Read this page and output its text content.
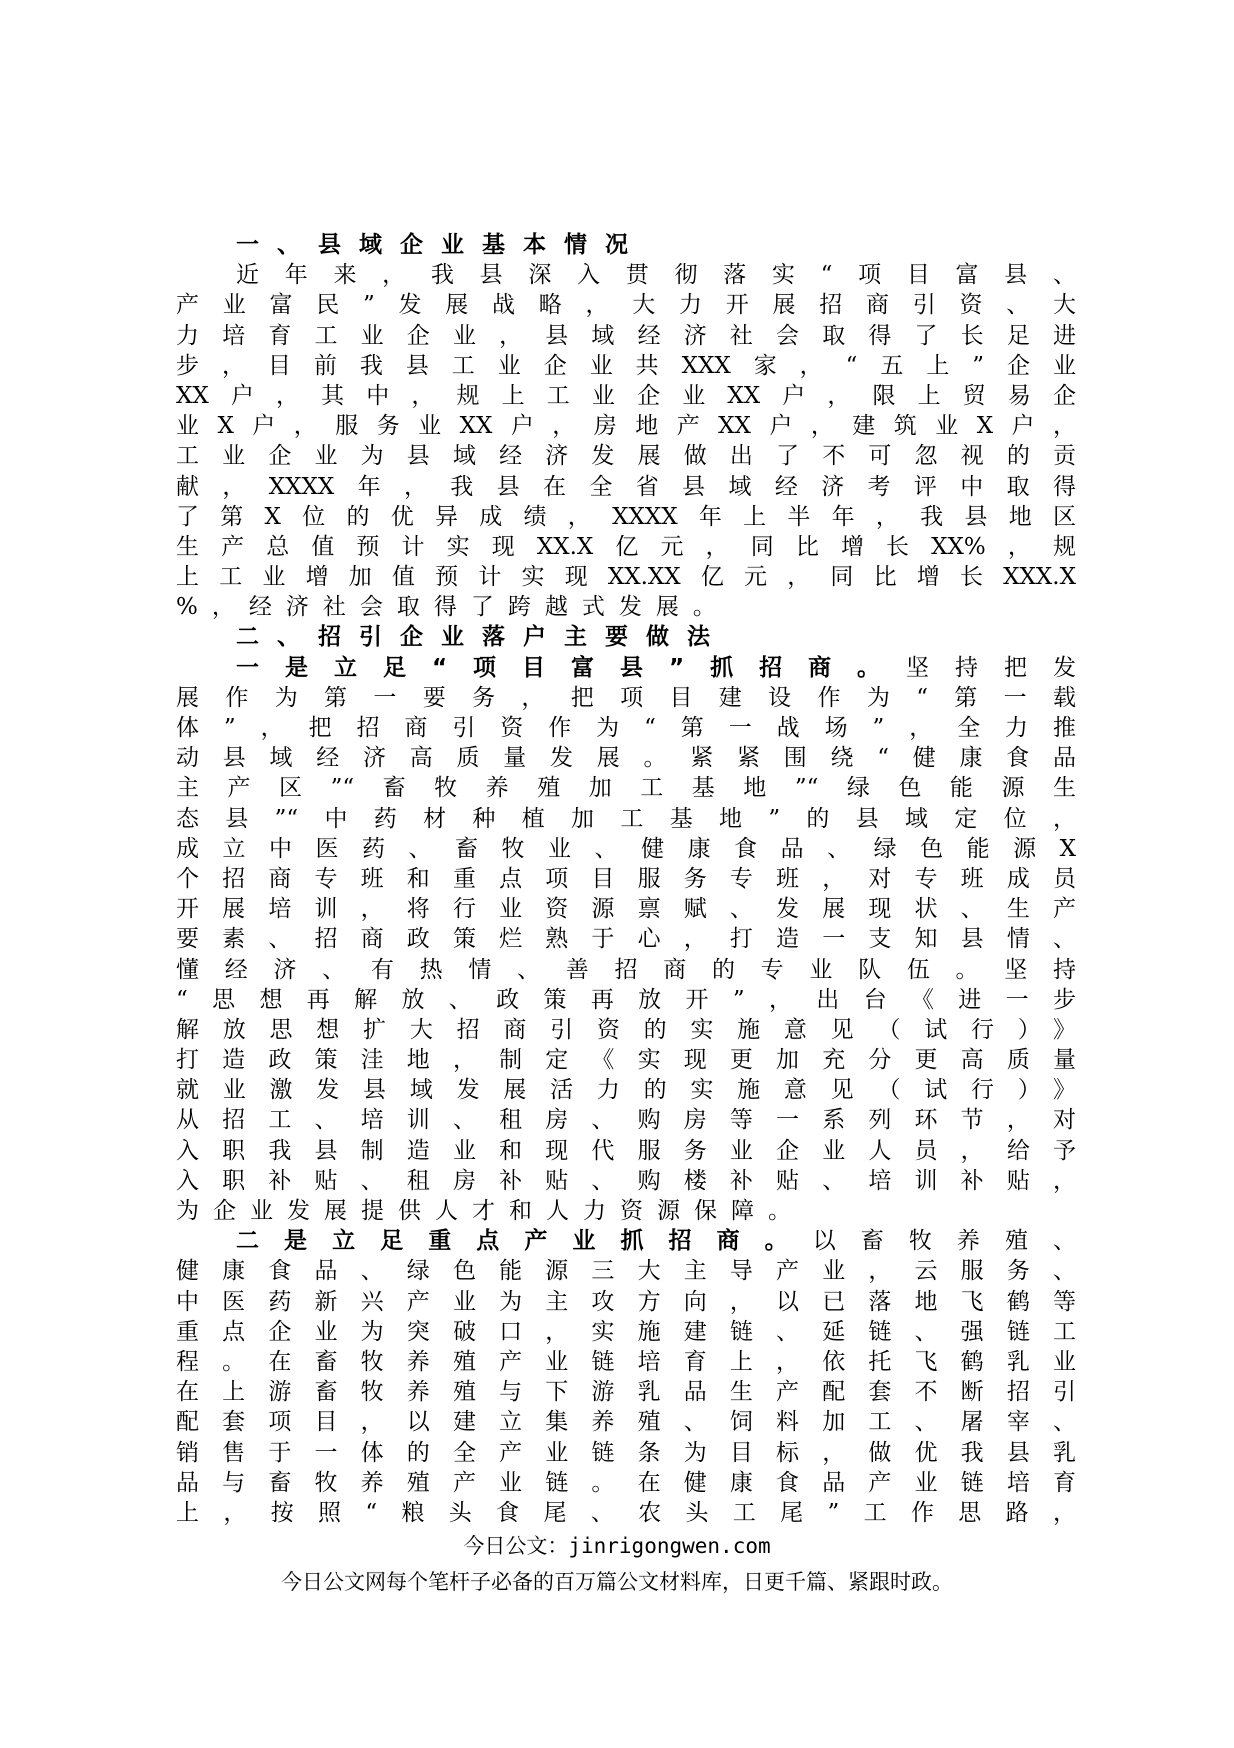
一、县域企业基本情况
近年来，我县深入贯彻落实“项目富县、
产业富民”发展战略，大力开展招商引资、大
力培育工业企业，县域经济社会取得了长足进
步，目前我县工业企业共XXX家，“五上”企业
XX户，其中，规上工业企业XX户，限上贸易企
业X户，服务业XX户，房地产XX户，建筑业X户，
工业企业为县域经济发展做出了不可忽视的贡
献，XXXX年，我县在全省县域经济考评中取得
了第X位的优异成绩，XXXX年上半年，我县地区
生产总值预计实现XX.X亿元，同比增长XX%，规
上工业增加值预计实现XX.XX亿元，同比增长XXX.X
%，经济社会取得了跨越式发展。
二、招引企业落户主要做法
一是立足“项目富县”抓招商。坚持把发
展作为第一要务，把项目建设作为“第一载
体”，把招商引资作为“第一战场”，全力推
动县域经济高质量发展。紧紧围绕“健康食品
主产区”“畜牧养殖加工基地”“绿色能源生
态县”“中药材种植加工基地”的县域定位，
成立中医药、畜牧业、健康食品、绿色能源X
个招商专班和重点项目服务专班，对专班成员
开展培训，将行业资源禀赋、发展现状、生产
要素、招商政策烂熟于心，打造一支知县情、
懂经济、有热情、善招商的专业队伍。坚持
“思想再解放、政策再放开”，出台《进一步
解放思想扩大招商引资的实施意见（试行）》
打造政策洼地，制定《实现更加充分更高质量
就业激发县域发展活力的实施意见（试行）》
从招工、培训、租房、购房等一系列环节，对
入职我县制造业和现代服务业企业人员，给予
入职补贴、租房补贴、购楼补贴、培训补贴，
为企业发展提供人才和人力资源保障。
二是立足重点产业抓招商。以畜牧养殖、
健康食品、绿色能源三大主导产业，云服务、
中医药新兴产业为主攻方向，以已落地飞鹤等
重点企业为突破口，实施建链、延链、强链工
程。在畜牧养殖产业链培育上，依托飞鹤乳业
在上游畜牧养殖与下游乳品生产配套不断招引
配套项目，以建立集养殖、饲料加工、屠宰、
销售于一体的全产业链条为目标，做优我县乳
品与畜牧养殖产业链。在健康食品产业链培育
上，按照“粮头食尾、农头工尾”工作思路，
今日公文：jinrigongwen.com
今日公文网每个笔杆子必备的百万篇公文材料库，日更千篇、紧跟时政。
